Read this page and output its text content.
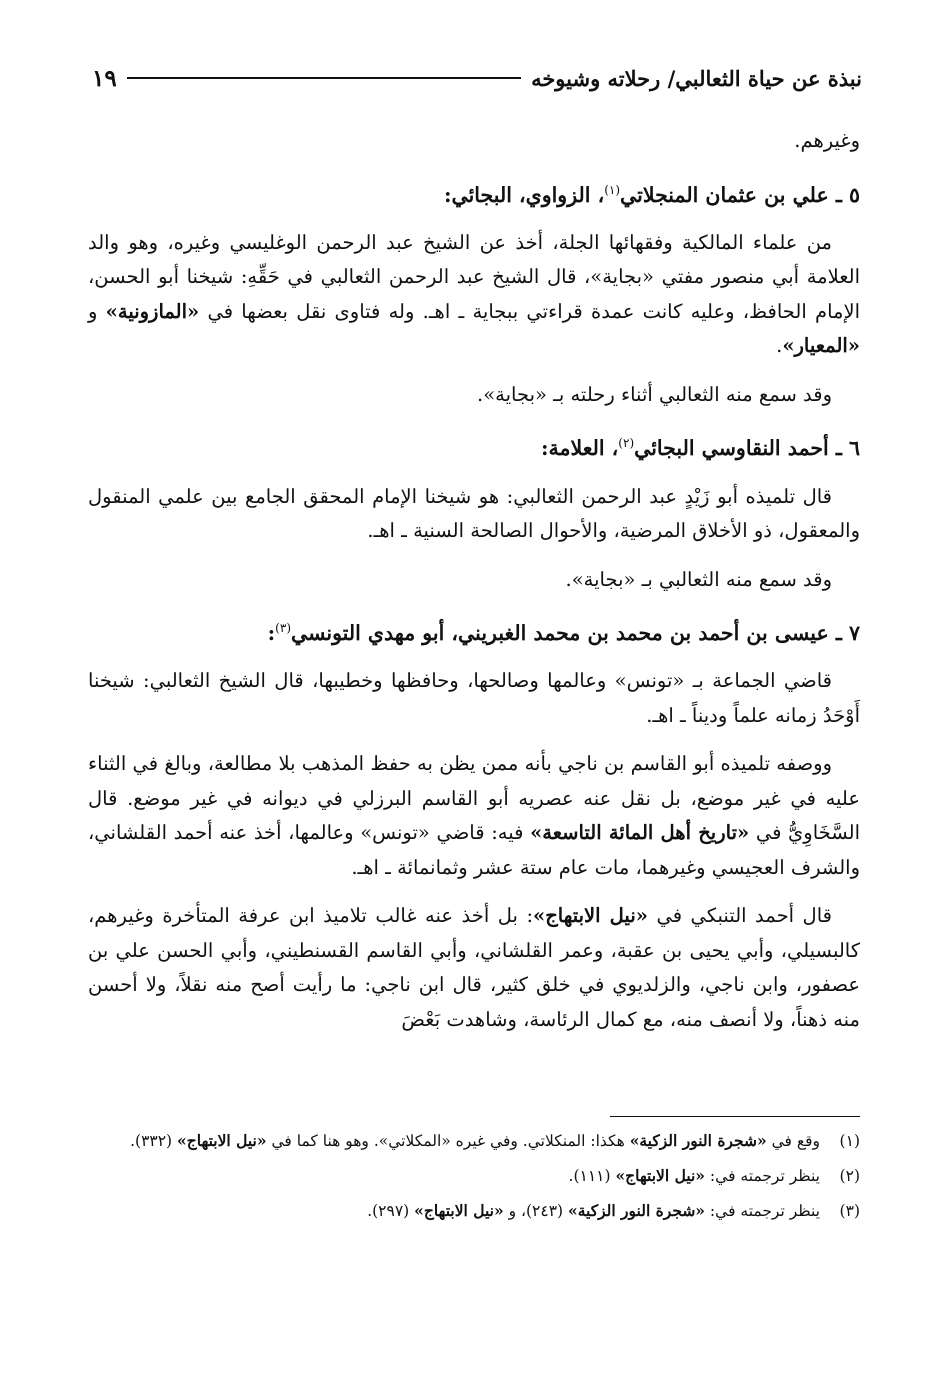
نبذة عن حياة الثعالبي/ رحلاته وشيوخه
١٩

وغيرهم.

٥ ـ علي بن عثمان المنجلاتي$^{(١)}$، الزواوي، البجائي:

من علماء المالكية وفقهائها الجلة، أخذ عن الشيخ عبد الرحمن الوغليسي وغيره، وهو والد العلامة أبي منصور مفتي «بجاية»، قال الشيخ عبد الرحمن الثعالبي في حَقِّهِ: شيخنا أبو الحسن، الإمام الحافظ، وعليه كانت عمدة قراءتي ببجاية ـ اهـ. وله فتاوى نقل بعضها في «المازونية» و «المعيار».

وقد سمع منه الثعالبي أثناء رحلته بـ «بجاية».

٦ ـ أحمد النقاوسي البجائي$^{(٢)}$، العلامة:

قال تلميذه أبو زَيْدٍ عبد الرحمن الثعالبي: هو شيخنا الإمام المحقق الجامع بين علمي المنقول والمعقول، ذو الأخلاق المرضية، والأحوال الصالحة السنية ـ اهـ.

وقد سمع منه الثعالبي بـ «بجاية».

٧ ـ عيسى بن أحمد بن محمد بن محمد الغبريني، أبو مهدي التونسي$^{(٣)}$:

قاضي الجماعة بـ «تونس» وعالمها وصالحها، وحافظها وخطيبها، قال الشيخ الثعالبي: شيخنا أَوْحَدُ زمانه علماً وديناً ـ اهـ.

ووصفه تلميذه أبو القاسم بن ناجي بأنه ممن يظن به حفظ المذهب بلا مطالعة، وبالغ في الثناء عليه في غير موضع، بل نقل عنه عصريه أبو القاسم البرزلي في ديوانه في غير موضع. قال السَّخَاوِيُّ في «تاريخ أهل المائة التاسعة» فيه: قاضي «تونس» وعالمها، أخذ عنه أحمد القلشاني، والشرف العجيسي وغيرهما، مات عام ستة عشر وثمانمائة ـ اهـ.

قال أحمد التنبكي في «نيل الابتهاج»: بل أخذ عنه غالب تلاميذ ابن عرفة المتأخرة وغيرهم، كالبسيلي، وأبي يحيى بن عقبة، وعمر القلشاني، وأبي القاسم القسنطيني، وأبي الحسن علي بن عصفور، وابن ناجي، والزلديوي في خلق كثير، قال ابن ناجي: ما رأيت أصح منه نقلاً، ولا أحسن منه ذهناً، ولا أنصف منه، مع كمال الرئاسة، وشاهدت بَعْضَ

(١)
وقع في «شجرة النور الزكية» هكذا: المنكلاتي. وفي غيره «المكلاتي». وهو هنا كما في «نيل الابتهاج» (٣٣٢).
(٢)
ينظر ترجمته في: «نيل الابتهاج» (١١١).
(٣)
ينظر ترجمته في: «شجرة النور الزكية» (٢٤٣)، و «نيل الابتهاج» (٢٩٧).
